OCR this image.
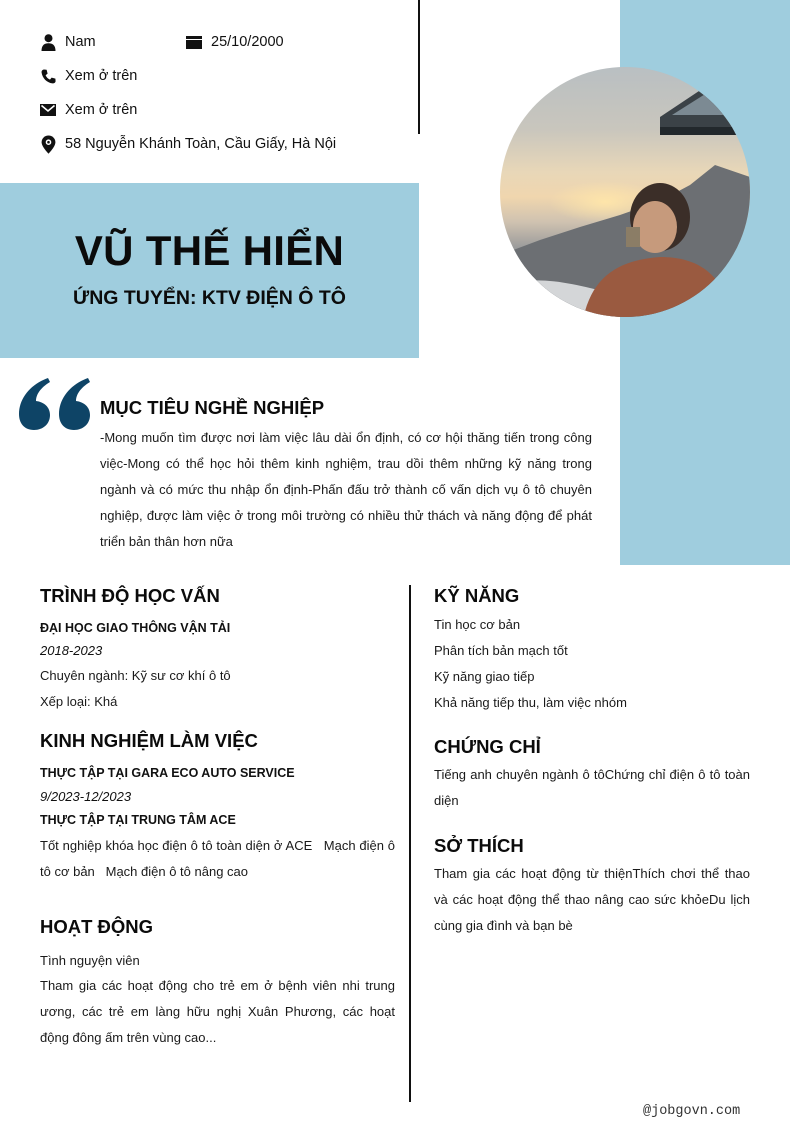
Nam	25/10/2000
Xem ở trên
Xem ở trên
58 Nguyễn Khánh Toàn, Cầu Giấy, Hà Nội
VŨ THẾ HIỂN
ỨNG TUYỂN: KTV ĐIỆN Ô TÔ
MỤC TIÊU NGHỀ NGHIỆP
-Mong muốn tìm được nơi làm việc lâu dài ổn định, có cơ hội thăng tiến trong công việc-Mong có thể học hỏi thêm kinh nghiệm, trau dồi thêm những kỹ năng trong ngành và có mức thu nhập ổn định-Phấn đấu trở thành cố vấn dịch vụ ô tô chuyên nghiệp, được làm việc ở trong môi trường có nhiều thử thách và năng động để phát triển bản thân hơn nữa
TRÌNH ĐỘ HỌC VẤN
ĐẠI HỌC GIAO THÔNG VẬN TẢI
2018-2023
Chuyên ngành: Kỹ sư cơ khí ô tô
Xếp loại: Khá
KINH NGHIỆM LÀM VIỆC
THỰC TẬP TẠI GARA ECO AUTO SERVICE
9/2023-12/2023
THỰC TẬP TẠI TRUNG TÂM ACE
Tốt nghiệp khóa học điện ô tô toàn diện ở ACE   Mạch điện ô tô cơ bản   Mạch điện ô tô nâng cao
HOẠT ĐỘNG
Tình nguyện viên
Tham gia các hoạt động cho trẻ em ở bệnh viên nhi trung ương, các trẻ em làng hữu nghị Xuân Phương, các hoạt động đông ấm trên vùng cao...
KỸ NĂNG
Tin học cơ bản
Phân tích bản mạch tốt
Kỹ năng giao tiếp
Khả năng tiếp thu, làm việc nhóm
CHỨNG CHỈ
Tiếng anh chuyên ngành ô tôChứng chỉ điện ô tô toàn diện
SỞ THÍCH
Tham gia các hoạt động từ thiệnThích chơi thể thao và các hoạt động thể thao nâng cao sức khỏeDu lịch cùng gia đình và bạn bè
@jobgovn.com
